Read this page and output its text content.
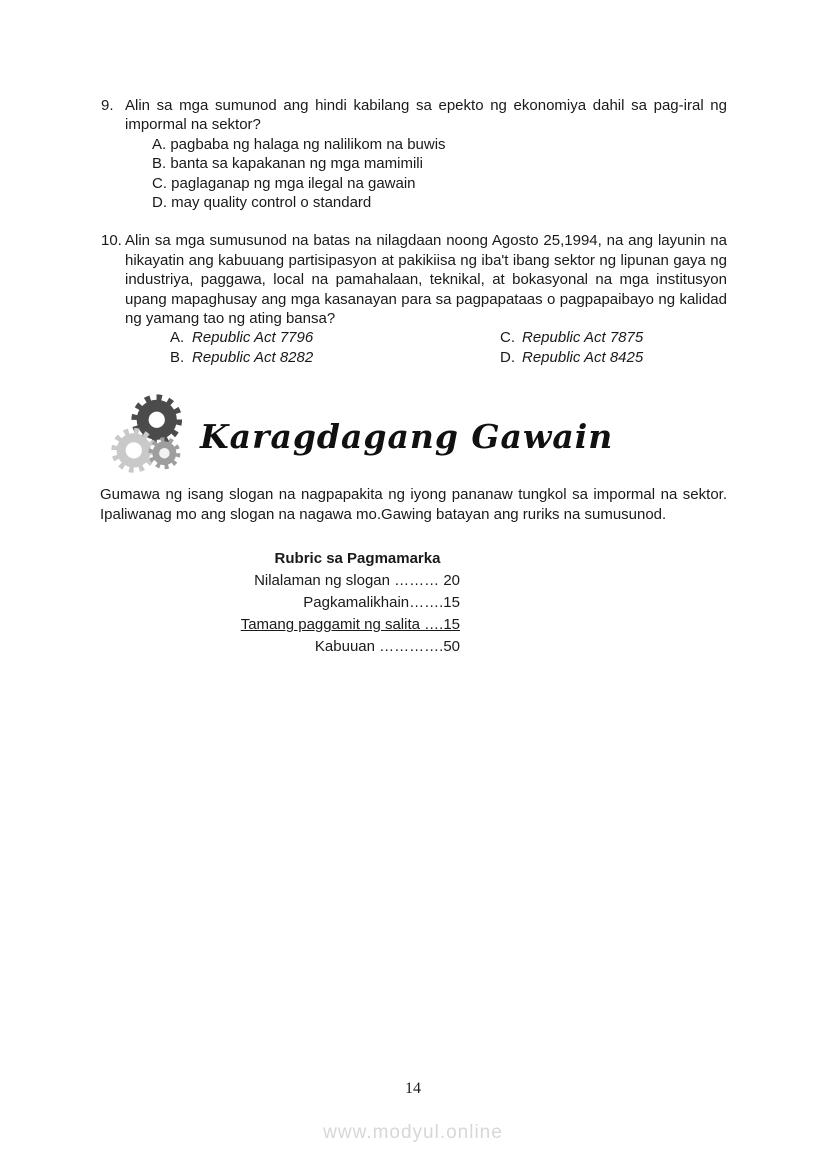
9. Alin sa mga sumunod ang hindi kabilang sa epekto ng ekonomiya dahil sa pag-iral ng impormal na sektor?
A. pagbaba ng halaga ng nalilikom na buwis
B. banta sa kapakanan ng mga mamimili
C. paglaganap ng mga ilegal na gawain
D. may quality control o standard
10. Alin sa mga sumusunod na batas na nilagdaan noong Agosto 25,1994, na ang layunin na hikayatin ang kabuuang partisipasyon at pakikiisa ng iba't ibang sektor ng lipunan gaya ng industriya, paggawa, local na pamahalaan, teknikal, at bokasyonal na mga institusyon upang mapaghusay ang mga kasanayan para sa pagpapataas o pagpapaibayo ng kalidad ng yamang tao ng ating bansa?
A. Republic Act 7796	C. Republic Act 7875
B. Republic Act 8282	D. Republic Act 8425
Karagdagang Gawain
Gumawa ng isang slogan na nagpapakita ng iyong pananaw tungkol sa impormal na sektor. Ipaliwanag mo ang slogan na nagawa mo.Gawing batayan ang ruriks na sumusunod.
Rubric sa Pagmamarka
Nilalaman ng slogan ……… 20
Pagkamalikhain…….15
Tamang paggamit ng salita ….15
Kabuuan ………….50
14
www.modyul.online
